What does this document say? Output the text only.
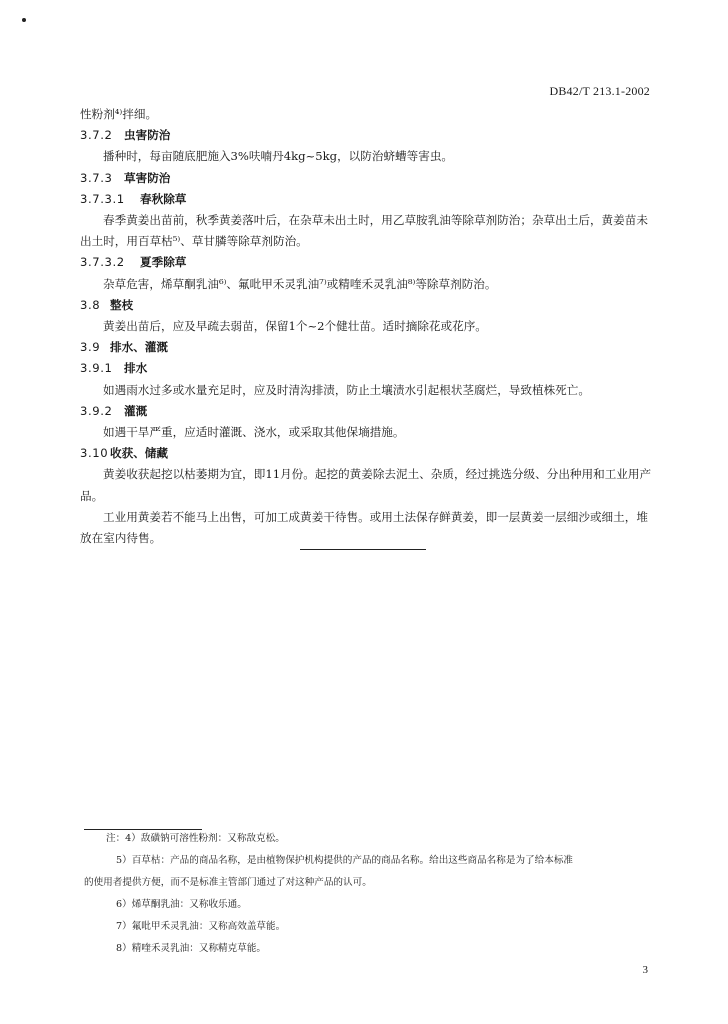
DB42/T 213.1-2002
性粉剂⁴⁾拌细。
3.7.2 虫害防治
播种时，每亩随底肥施入3%呋喃丹4kg~5kg，以防治蛴螬等害虫。
3.7.3 草害防治
3.7.3.1 春秋除草
春季黄姜出苗前，秋季黄姜落叶后，在杂草未出土时，用乙草胺乳油等除草剂防治；杂草出土后，黄姜苗未出土时，用百草枯⁵⁾、草甘膦等除草剂防治。
3.7.3.2 夏季除草
杂草危害，烯草酮乳油⁶⁾、氟吡甲禾灵乳油⁷⁾或精喹禾灵乳油⁸⁾等除草剂防治。
3.8 整枝
黄姜出苗后，应及早疏去弱苗，保留1个~2个健壮苗。适时摘除花或花序。
3.9 排水、灌溉
3.9.1 排水
如遇雨水过多或水量充足时，应及时清沟排渍，防止土壤渍水引起根状茎腐烂，导致植株死亡。
3.9.2 灌溉
如遇干旱严重，应适时灌溉、浇水，或采取其他保墒措施。
3.10 收获、储藏
黄姜收获起挖以枯萎期为宜，即11月份。起挖的黄姜除去泥土、杂质，经过挑选分级、分出种用和工业用产品。
工业用黄姜若不能马上出售，可加工成黄姜干待售。或用土法保存鲜黄姜，即一层黄姜一层细沙或细土，堆放在室内待售。
注：4）敌磺钠可溶性粉剂：又称敌克松。
5）百草枯：产品的商品名称，是由植物保护机构提供的产品的商品名称。给出这些商品名称是为了给本标准
的使用者提供方便，而不是标准主管部门通过了对这种产品的认可。
6）烯草酮乳油：又称收乐通。
7）氟吡甲禾灵乳油：又称高效盖草能。
8）精喹禾灵乳油：又称精克草能。
3
